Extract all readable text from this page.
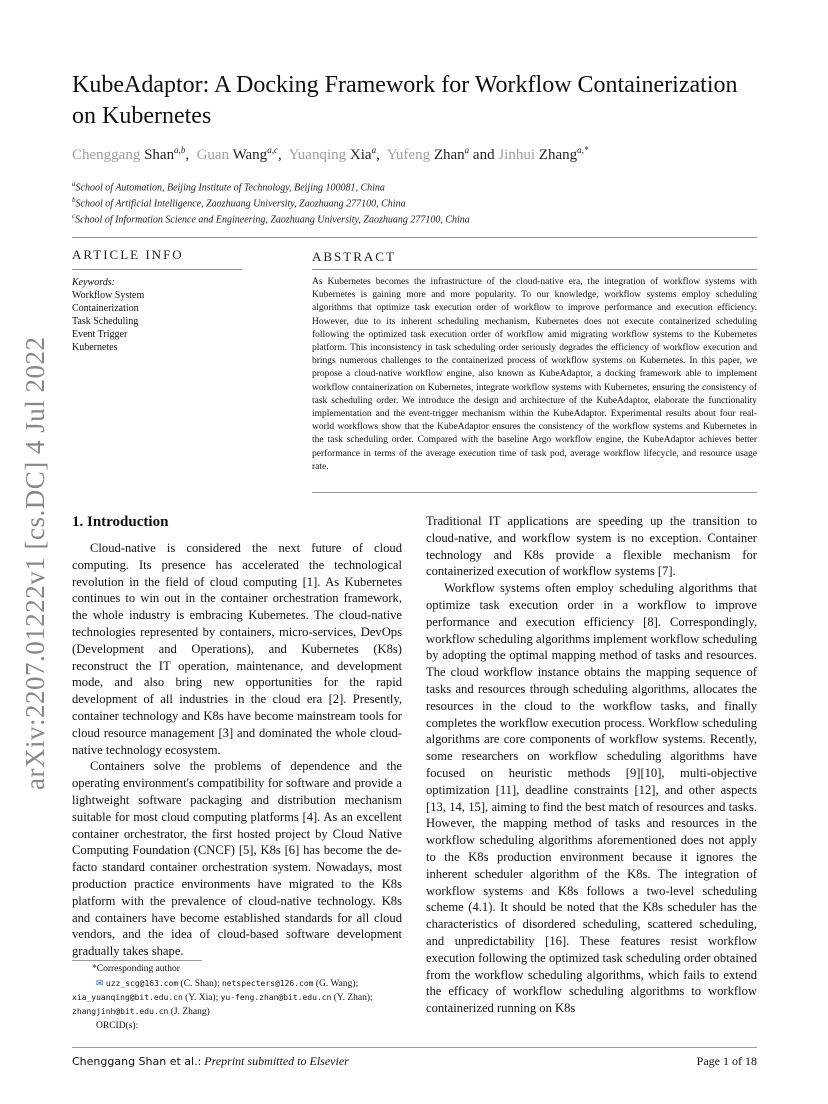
arXiv:2207.01222v1 [cs.DC] 4 Jul 2022
KubeAdaptor: A Docking Framework for Workflow Containerization on Kubernetes
Chenggang Shan$^{a,b}$,  Guan Wang$^{a,c}$,  Yuanqing Xia$^a$,  Yufeng Zhan$^a$ and Jinhui Zhang$^{a,*}$
$^a$School of Automation, Beijing Institute of Technology, Beijing 100081, China
$^b$School of Artificial Intelligence, Zaozhuang University, Zaozhuang 277100, China
$^c$School of Information Science and Engineering, Zaozhuang University, Zaozhuang 277100, China
ARTICLE INFO	ABSTRACT
Keywords:
Workflow System
Containerization
Task Scheduling
Event Trigger
Kubernetes
As Kubernetes becomes the infrastructure of the cloud-native era, the integration of workflow systems with Kubernetes is gaining more and more popularity. To our knowledge, workflow systems employ scheduling algorithms that optimize task execution order of workflow to improve performance and execution efficiency. However, due to its inherent scheduling mechanism, Kubernetes does not execute containerized scheduling following the optimized task execution order of workflow amid migrating workflow systems to the Kubernetes platform. This inconsistency in task scheduling order seriously degrades the efficiency of workflow execution and brings numerous challenges to the containerized process of workflow systems on Kubernetes. In this paper, we propose a cloud-native workflow engine, also known as KubeAdaptor, a docking framework able to implement workflow containerization on Kubernetes, integrate workflow systems with Kubernetes, ensuring the consistency of task scheduling order. We introduce the design and architecture of the KubeAdaptor, elaborate the functionality implementation and the event-trigger mechanism within the KubeAdaptor. Experimental results about four real-world workflows show that the KubeAdaptor ensures the consistency of the workflow systems and Kubernetes in the task scheduling order. Compared with the baseline Argo workflow engine, the KubeAdaptor achieves better performance in terms of the average execution time of task pod, average workflow lifecycle, and resource usage rate.
1. Introduction

Cloud-native is considered the next future of cloud computing. Its presence has accelerated the technological revolution in the field of cloud computing [1]. As Kubernetes continues to win out in the container orchestration framework, the whole industry is embracing Kubernetes. The cloud-native technologies represented by containers, micro-services, DevOps (Development and Operations), and Kubernetes (K8s) reconstruct the IT operation, maintenance, and development mode, and also bring new opportunities for the rapid development of all industries in the cloud era [2]. Presently, container technology and K8s have become mainstream tools for cloud resource management [3] and dominated the whole cloud-native technology ecosystem.

Containers solve the problems of dependence and the operating environment's compatibility for software and provide a lightweight software packaging and distribution mechanism suitable for most cloud computing platforms [4]. As an excellent container orchestrator, the first hosted project by Cloud Native Computing Foundation (CNCF) [5], K8s [6] has become the de-facto standard container orchestration system. Nowadays, most production practice environments have migrated to the K8s platform with the prevalence of cloud-native technology. K8s and containers have become established standards for all cloud vendors, and the idea of cloud-based software development gradually takes shape.

*Corresponding author
✉ uzz_scg@163.com (C. Shan); netspecters@126.com (G. Wang);
xia_yuanqing@bit.edu.cn (Y. Xia); yu-feng.zhan@bit.edu.cn (Y. Zhan);
zhangjinh@bit.edu.cn (J. Zhang)
ORCID(s):

Traditional IT applications are speeding up the transition to cloud-native, and workflow system is no exception. Container technology and K8s provide a flexible mechanism for containerized execution of workflow systems [7].

Workflow systems often employ scheduling algorithms that optimize task execution order in a workflow to improve performance and execution efficiency [8]. Correspondingly, workflow scheduling algorithms implement workflow scheduling by adopting the optimal mapping method of tasks and resources. The cloud workflow instance obtains the mapping sequence of tasks and resources through scheduling algorithms, allocates the resources in the cloud to the workflow tasks, and finally completes the workflow execution process. Workflow scheduling algorithms are core components of workflow systems. Recently, some researchers on workflow scheduling algorithms have focused on heuristic methods [9][10], multi-objective optimization [11], deadline constraints [12], and other aspects [13, 14, 15], aiming to find the best match of resources and tasks. However, the mapping method of tasks and resources in the workflow scheduling algorithms aforementioned does not apply to the K8s production environment because it ignores the inherent scheduler algorithm of the K8s. The integration of workflow systems and K8s follows a two-level scheduling scheme (4.1). It should be noted that the K8s scheduler has the characteristics of disordered scheduling, scattered scheduling, and unpredictability [16]. These features resist workflow execution following the optimized task scheduling order obtained from the workflow scheduling algorithms, which fails to extend the efficacy of workflow scheduling algorithms to workflow containerized running on K8s

Chenggang Shan et al.: Preprint submitted to Elsevier	Page 1 of 18
